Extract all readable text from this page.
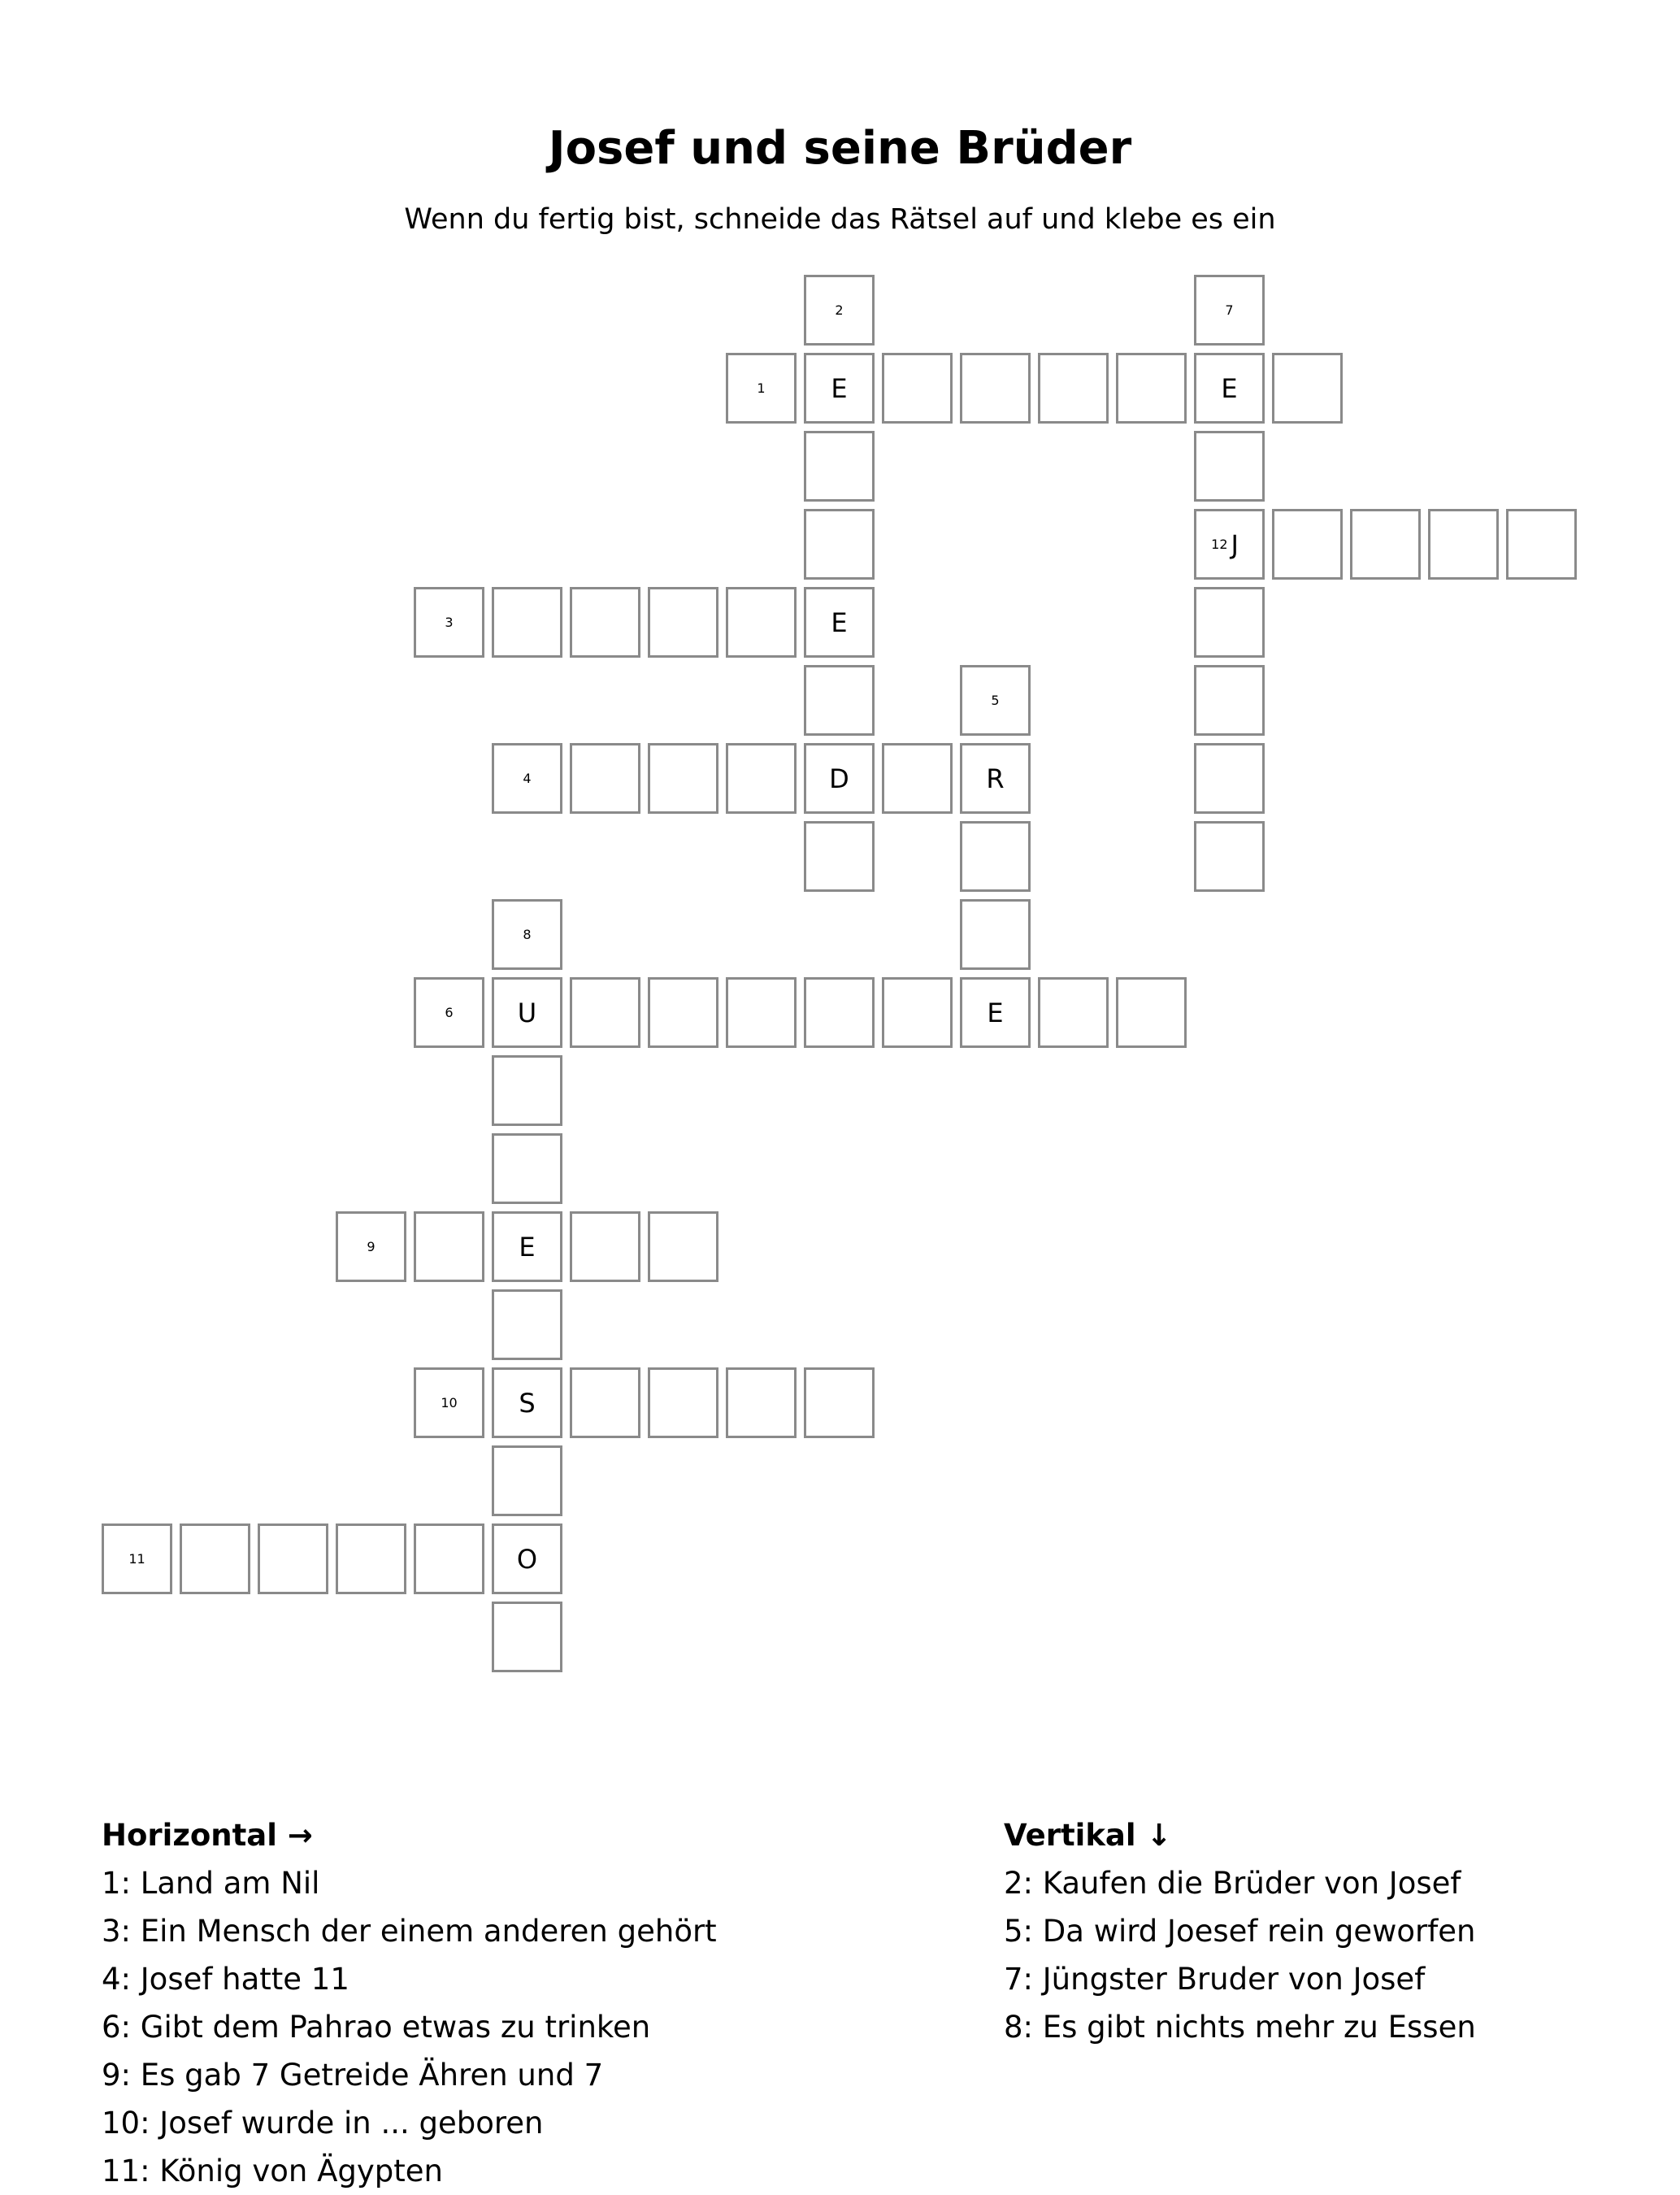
Josef und seine Brüder
Wenn du fertig bist, schneide das Rätsel auf und klebe es ein
2	7
1	E	E
12 J
3	E
5
4	D	R
8
6	U	E
9	E
10	S
11	O
Horizontal →
1: Land am Nil
3: Ein Mensch der einem anderen gehört
4: Josef hatte 11
6: Gibt dem Pahrao etwas zu trinken
9: Es gab 7 Getreide Ähren und 7
10: Josef wurde in ... geboren
11: König von Ägypten
Vertikal ↓
2: Kaufen die Brüder von Josef
5: Da wird Joesef rein geworfen
7: Jüngster Bruder von Josef
8: Es gibt nichts mehr zu Essen
